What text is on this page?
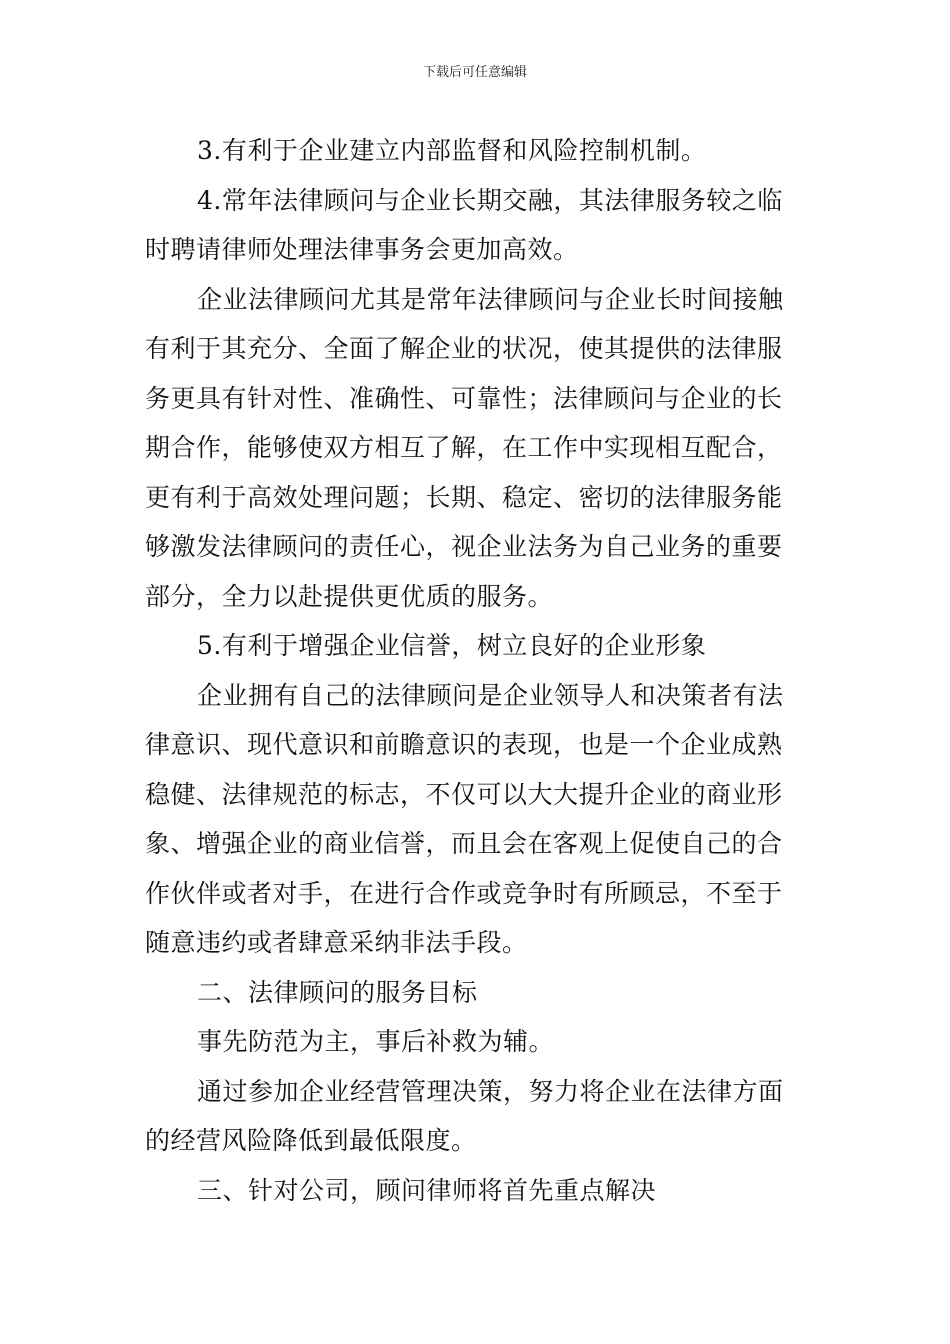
下载后可任意编辑
3.有利于企业建立内部监督和风险控制机制。
4.常年法律顾问与企业长期交融，其法律服务较之临
时聘请律师处理法律事务会更加高效。
企业法律顾问尤其是常年法律顾问与企业长时间接触
有利于其充分、全面了解企业的状况，使其提供的法律服
务更具有针对性、准确性、可靠性；法律顾问与企业的长
期合作，能够使双方相互了解，在工作中实现相互配合，
更有利于高效处理问题；长期、稳定、密切的法律服务能
够激发法律顾问的责任心，视企业法务为自己业务的重要
部分，全力以赴提供更优质的服务。
5.有利于增强企业信誉，树立良好的企业形象
企业拥有自己的法律顾问是企业领导人和决策者有法
律意识、现代意识和前瞻意识的表现，也是一个企业成熟
稳健、法律规范的标志，不仅可以大大提升企业的商业形
象、增强企业的商业信誉，而且会在客观上促使自己的合
作伙伴或者对手，在进行合作或竞争时有所顾忌，不至于
随意违约或者肆意采纳非法手段。
二、法律顾问的服务目标
事先防范为主，事后补救为辅。
通过参加企业经营管理决策，努力将企业在法律方面
的经营风险降低到最低限度。
三、针对公司，顾问律师将首先重点解决
